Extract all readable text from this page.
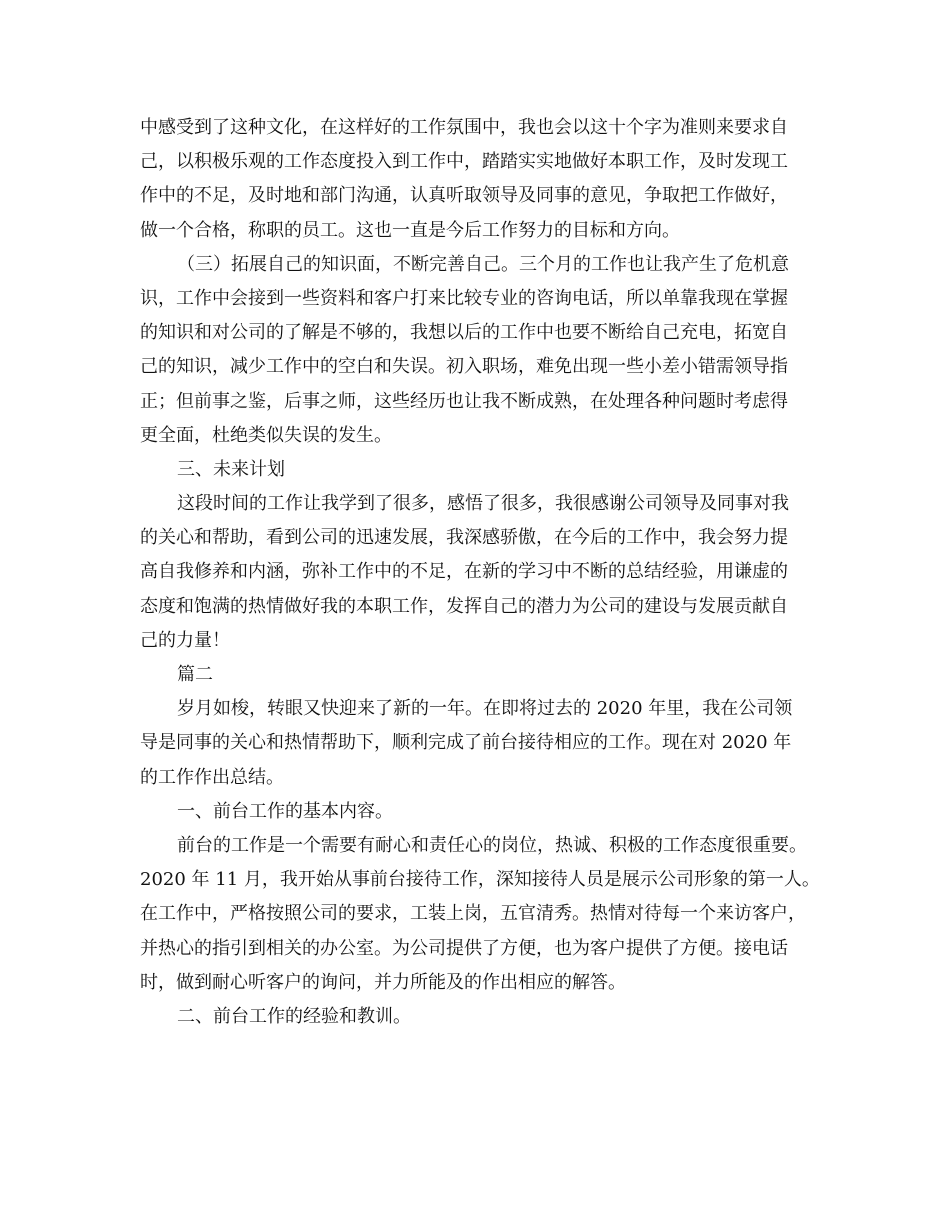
中感受到了这种文化，在这样好的工作氛围中，我也会以这十个字为准则来要求自
己，以积极乐观的工作态度投入到工作中，踏踏实实地做好本职工作，及时发现工
作中的不足，及时地和部门沟通，认真听取领导及同事的意见，争取把工作做好，
做一个合格，称职的员工。这也一直是今后工作努力的目标和方向。
（三）拓展自己的知识面，不断完善自己。三个月的工作也让我产生了危机意
识，工作中会接到一些资料和客户打来比较专业的咨询电话，所以单靠我现在掌握
的知识和对公司的了解是不够的，我想以后的工作中也要不断给自己充电，拓宽自
己的知识，减少工作中的空白和失误。初入职场，难免出现一些小差小错需领导指
正；但前事之鉴，后事之师，这些经历也让我不断成熟，在处理各种问题时考虑得
更全面，杜绝类似失误的发生。
三、未来计划
这段时间的工作让我学到了很多，感悟了很多，我很感谢公司领导及同事对我
的关心和帮助，看到公司的迅速发展，我深感骄傲，在今后的工作中，我会努力提
高自我修养和内涵，弥补工作中的不足，在新的学习中不断的总结经验，用谦虚的
态度和饱满的热情做好我的本职工作，发挥自己的潜力为公司的建设与发展贡献自
己的力量！
篇二
岁月如梭，转眼又快迎来了新的一年。在即将过去的 2020 年里，我在公司领
导是同事的关心和热情帮助下，顺利完成了前台接待相应的工作。现在对 2020 年
的工作作出总结。
一、前台工作的基本内容。
前台的工作是一个需要有耐心和责任心的岗位，热诚、积极的工作态度很重要。
2020 年 11 月，我开始从事前台接待工作，深知接待人员是展示公司形象的第一人。
在工作中，严格按照公司的要求，工装上岗，五官清秀。热情对待每一个来访客户，
并热心的指引到相关的办公室。为公司提供了方便，也为客户提供了方便。接电话
时，做到耐心听客户的询问，并力所能及的作出相应的解答。
二、前台工作的经验和教训。
